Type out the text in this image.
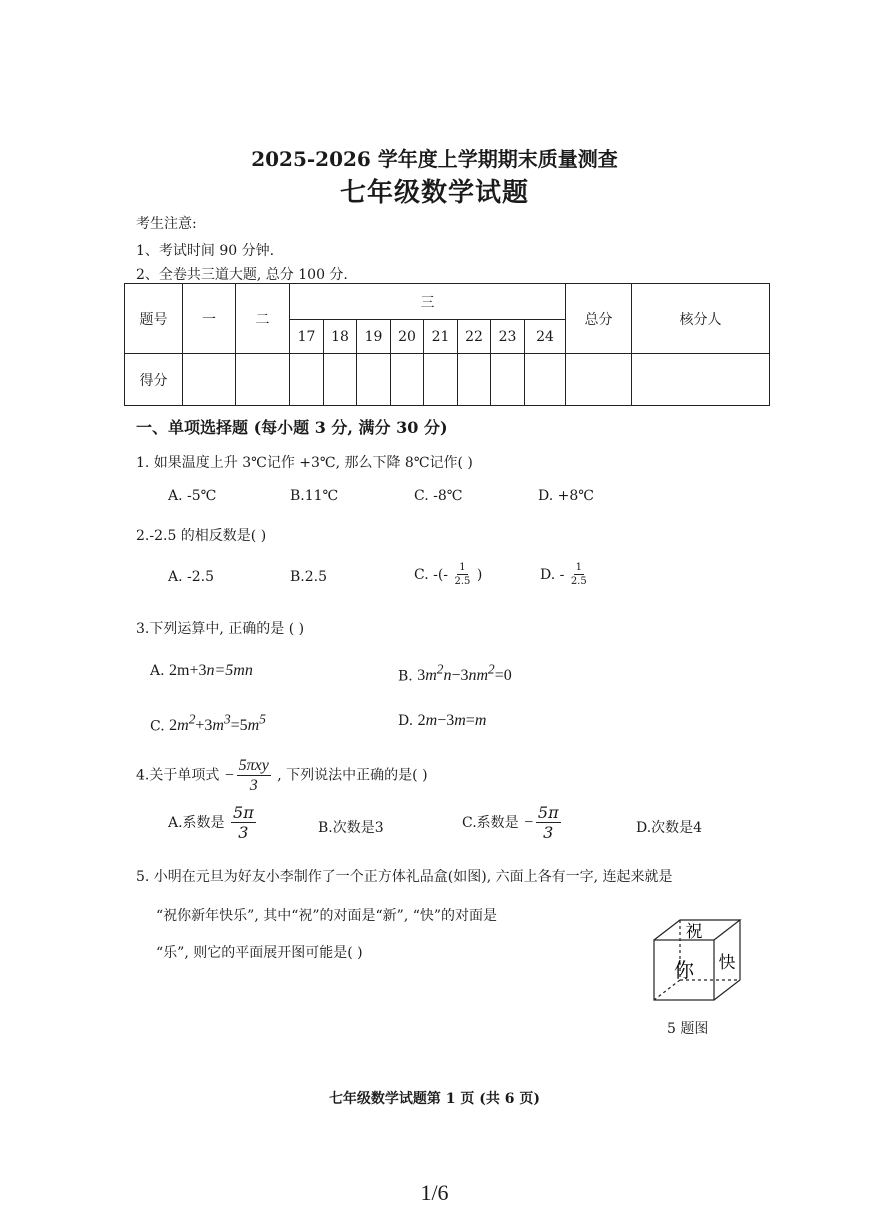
2025-2026 学年度上学期期末质量测查
七年级数学试题
考生注意:
1、考试时间 90 分钟.
2、全卷共三道大题, 总分 100 分.
题号	一	二	三								总分	核分人
			17	18	19	20	21	22	23	24		
得分												
一、单项选择题 (每小题 3 分, 满分 30 分)
1. 如果温度上升 3℃记作 +3℃, 那么下降 8℃记作( )
A. -5℃	B.11℃	C. -8℃	D. +8℃
2.-2.5 的相反数是( )
A. -2.5	B.2.5	C. -(- $\frac{1}{2.5}$ )	D. - $\frac{1}{2.5}$
3.下列运算中, 正确的是 ( )
A. 2m+3n=5mn	B. $3m^2n-3nm^2=0$
C. $2m^2+3m^3=5m^5$	D. 2m−3m=m
4.关于单项式 − $\frac{\text{5πxy}}{3}$ , 下列说法中正确的是( )
A.系数是 $\frac{5\pi}{3}$	B.次数是3	C.系数是 − $\frac{5\pi}{3}$	D.次数是4
5. 小明在元旦为好友小李制作了一个正方体礼品盒(如图), 六面上各有一字, 连起来就是
“祝你新年快乐”, 其中“祝”的对面是“新”, “快”的对面是
“乐”, 则它的平面展开图可能是( )
祝
你 快
5 题图
七年级数学试题第 1 页 (共 6 页)
1/6
